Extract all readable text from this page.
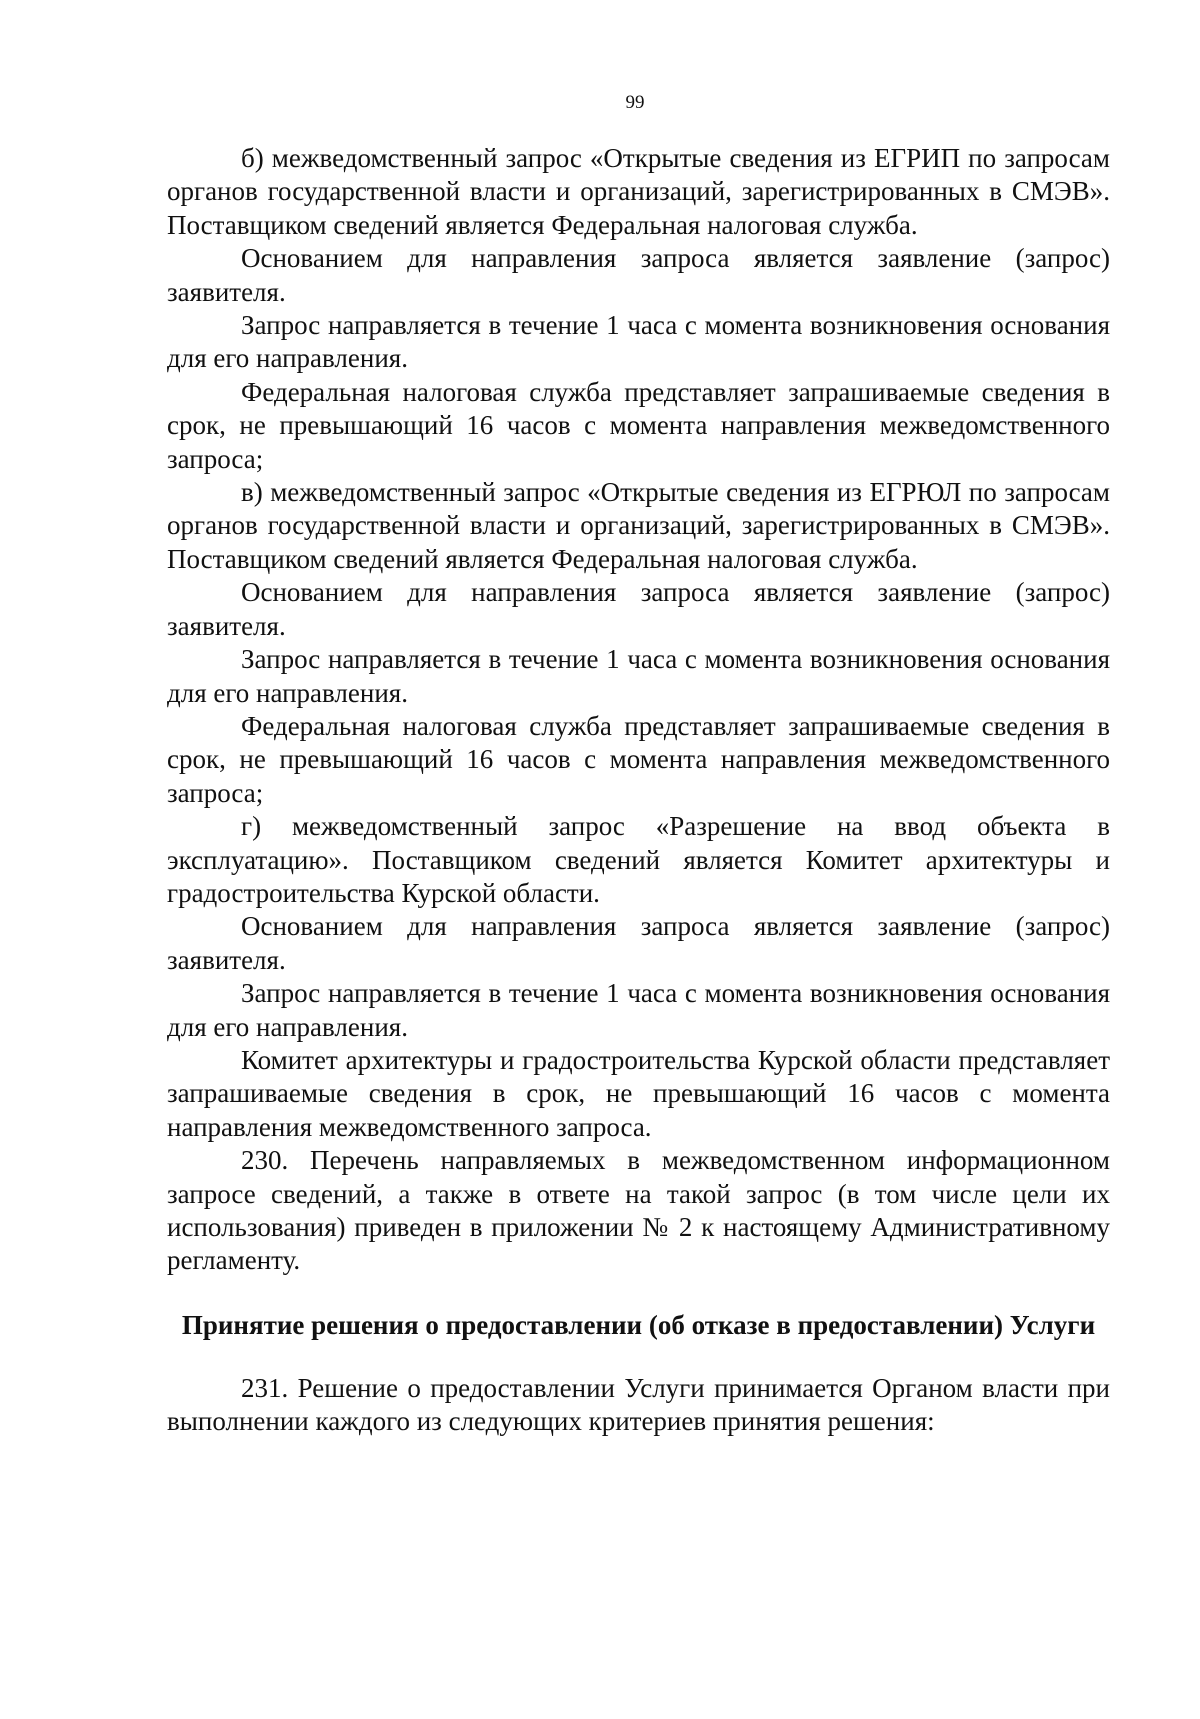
99

б) межведомственный запрос «Открытые сведения из ЕГРИП по запросам органов государственной власти и организаций, зарегистрированных в СМЭВ». Поставщиком сведений является Федеральная налоговая служба.

Основанием для направления запроса является заявление (запрос) заявителя.

Запрос направляется в течение 1 часа с момента возникновения основания для его направления.

Федеральная налоговая служба представляет запрашиваемые сведения в срок, не превышающий 16 часов с момента направления межведомственного запроса;

в) межведомственный запрос «Открытые сведения из ЕГРЮЛ по запросам органов государственной власти и организаций, зарегистрированных в СМЭВ». Поставщиком сведений является Федеральная налоговая служба.

Основанием для направления запроса является заявление (запрос) заявителя.

Запрос направляется в течение 1 часа с момента возникновения основания для его направления.

Федеральная налоговая служба представляет запрашиваемые сведения в срок, не превышающий 16 часов с момента направления межведомственного запроса;

г) межведомственный запрос «Разрешение на ввод объекта в эксплуатацию». Поставщиком сведений является Комитет архитектуры и градостроительства Курской области.

Основанием для направления запроса является заявление (запрос) заявителя.

Запрос направляется в течение 1 часа с момента возникновения основания для его направления.

Комитет архитектуры и градостроительства Курской области представляет запрашиваемые сведения в срок, не превышающий 16 часов с момента направления межведомственного запроса.

230. Перечень направляемых в межведомственном информационном запросе сведений, а также в ответе на такой запрос (в том числе цели их использования) приведен в приложении № 2 к настоящему Административному регламенту.

Принятие решения о предоставлении (об отказе в предоставлении) Услуги

231. Решение о предоставлении Услуги принимается Органом власти при выполнении каждого из следующих критериев принятия решения:
